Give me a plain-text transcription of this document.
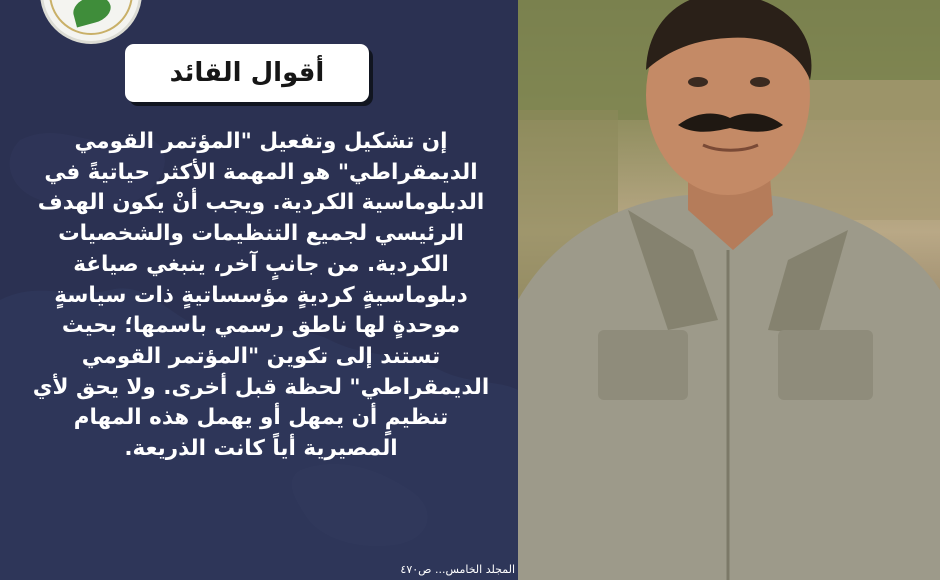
أقوال القائد
إن تشكيل وتفعيل "المؤتمر القومي الديمقراطي" هو المهمة الأكثر حياتيةً في الدبلوماسية الكردية. ويجب أنْ يكون الهدف الرئيسي لجميع التنظيمات والشخصيات الكردية. من جانبٍ آخر، ينبغي صياغة دبلوماسيةٍ كرديةٍ مؤسساتيةٍ ذات سياسةٍ موحدةٍ لها ناطق رسمي باسمها؛ بحيث تستند إلى تكوين "المؤتمر القومي الديمقراطي" لحظة قبل أخرى. ولا يحق لأي تنظيمٍ أن يمهل أو يهمل هذه المهام المصيرية أياً كانت الذريعة.
المجلد الخامس... ص٤٧٠
